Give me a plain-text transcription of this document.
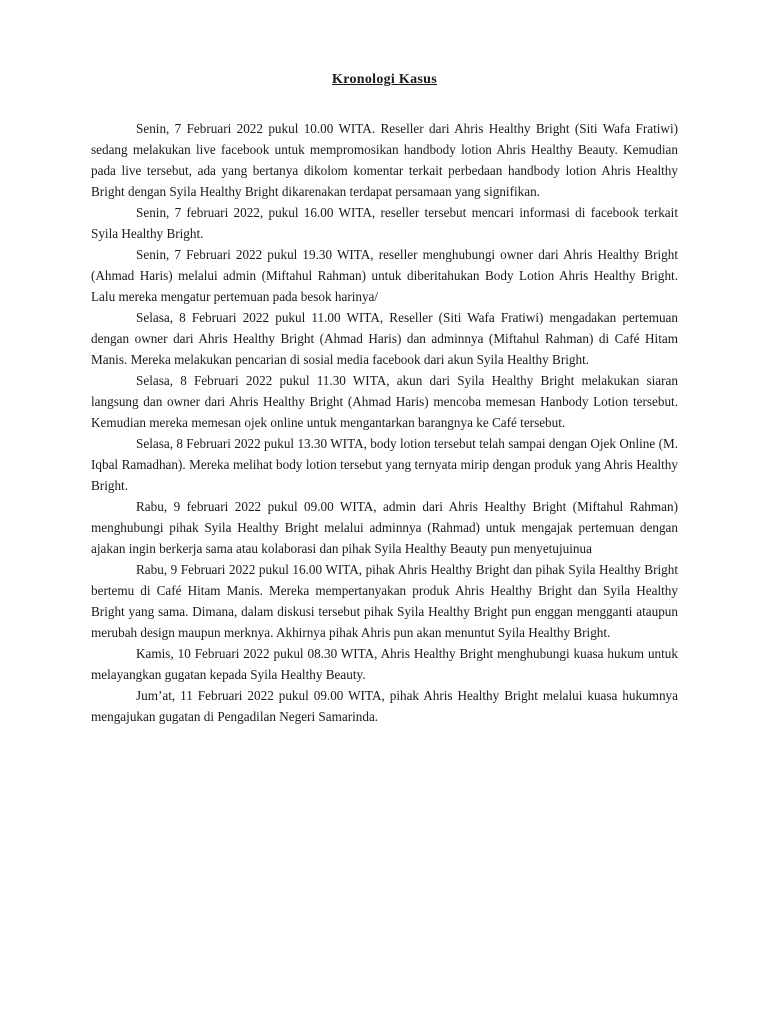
Kronologi Kasus

Senin, 7 Februari 2022 pukul 10.00 WITA. Reseller dari Ahris Healthy Bright (Siti Wafa Fratiwi) sedang melakukan live facebook untuk mempromosikan handbody lotion Ahris Healthy Beauty. Kemudian pada live tersebut, ada yang bertanya dikolom komentar terkait perbedaan handbody lotion Ahris Healthy Bright dengan Syila Healthy Bright dikarenakan terdapat persamaan yang signifikan.

Senin, 7 februari 2022, pukul 16.00 WITA, reseller tersebut mencari informasi di facebook terkait Syila Healthy Bright.

Senin, 7 Februari 2022 pukul 19.30 WITA, reseller menghubungi owner dari Ahris Healthy Bright (Ahmad Haris) melalui admin (Miftahul Rahman) untuk diberitahukan Body Lotion Ahris Healthy Bright. Lalu mereka mengatur pertemuan pada besok harinya/

Selasa, 8 Februari 2022 pukul 11.00 WITA, Reseller (Siti Wafa Fratiwi) mengadakan pertemuan dengan owner dari Ahris Healthy Bright (Ahmad Haris) dan adminnya (Miftahul Rahman) di Café Hitam Manis. Mereka melakukan pencarian di sosial media facebook dari akun Syila Healthy Bright.

Selasa, 8 Februari 2022 pukul 11.30 WITA, akun dari Syila Healthy Bright melakukan siaran langsung dan owner dari Ahris Healthy Bright (Ahmad Haris) mencoba memesan Hanbody Lotion tersebut. Kemudian mereka memesan ojek online untuk mengantarkan barangnya ke Café tersebut.

Selasa, 8 Februari 2022 pukul 13.30 WITA, body lotion tersebut telah sampai dengan Ojek Online (M. Iqbal Ramadhan). Mereka melihat body lotion tersebut yang ternyata mirip dengan produk yang Ahris Healthy Bright.

Rabu, 9 februari 2022 pukul 09.00 WITA, admin dari Ahris Healthy Bright (Miftahul Rahman) menghubungi pihak Syila Healthy Bright melalui adminnya (Rahmad) untuk mengajak pertemuan dengan ajakan ingin berkerja sama atau kolaborasi dan pihak Syila Healthy Beauty pun menyetujuinua

Rabu, 9 Februari 2022 pukul 16.00 WITA, pihak Ahris Healthy Bright dan pihak Syila Healthy Bright bertemu di Café Hitam Manis. Mereka mempertanyakan produk Ahris Healthy Bright dan Syila Healthy Bright yang sama. Dimana, dalam diskusi tersebut pihak Syila Healthy Bright pun enggan mengganti ataupun merubah design maupun merknya. Akhirnya pihak Ahris pun akan menuntut Syila Healthy Bright.

Kamis, 10 Februari 2022 pukul 08.30 WITA, Ahris Healthy Bright menghubungi kuasa hukum untuk melayangkan gugatan kepada Syila Healthy Beauty.

Jum’at, 11 Februari 2022 pukul 09.00 WITA, pihak Ahris Healthy Bright melalui kuasa hukumnya mengajukan gugatan di Pengadilan Negeri Samarinda.
